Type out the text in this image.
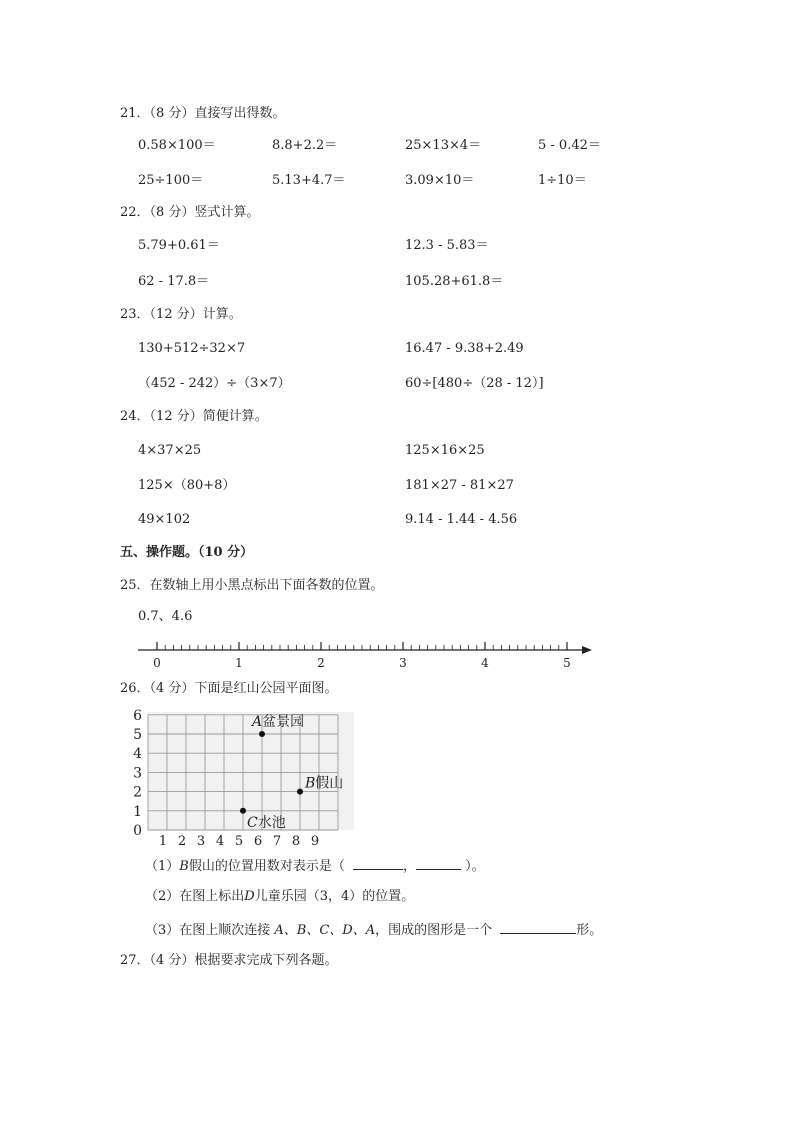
21．（8 分）直接写出得数。
0.58×100＝	8.8+2.2＝	25×13×4＝	5 - 0.42＝
25÷100＝	5.13+4.7＝	3.09×10＝	1÷10＝
22．（8 分）竖式计算。
5.79+0.61＝	12.3 - 5.83＝
62 - 17.8＝	105.28+61.8＝
23．（12 分）计算。
130+512÷32×7	16.47 - 9.38+2.49
（452 - 242）÷（3×7）	60÷[480÷（28 - 12）]
24．（12 分）简便计算。
4×37×25	125×16×25
125×（80+8）	181×27 - 81×27
49×102	9.14 - 1.44 - 4.56
五、操作题。（10 分）
25．在数轴上用小黑点标出下面各数的位置。
0.7、4.6
0	1	2	3	4	5
26．（4 分）下面是红山公园平面图。
0
1
2
3
4
5
6
1 2 3 4 5 6 7 8 9
A盆景园
B假山
C水池
（1）B假山的位置用数对表示是（	，	）。
（2）在图上标出D儿童乐园（3，4）的位置。
（3）在图上顺次连接 A、B、C、D、A，围成的图形是一个	形。
27．（4 分）根据要求完成下列各题。
